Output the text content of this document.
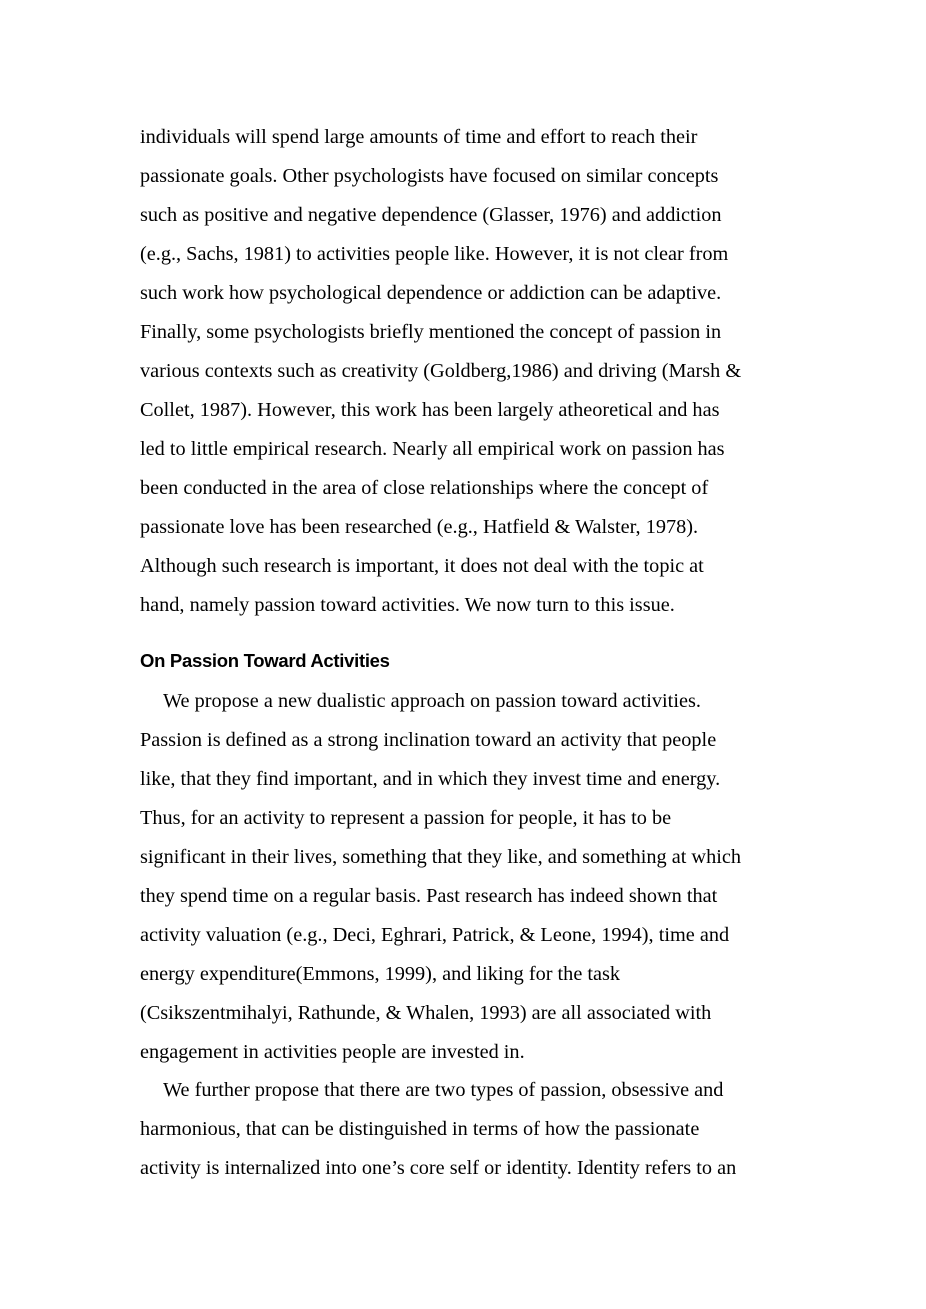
individuals will spend large amounts of time and effort to reach their
passionate goals. Other psychologists have focused on similar concepts
such as positive and negative dependence (Glasser, 1976) and addiction
(e.g., Sachs, 1981) to activities people like. However, it is not clear from
such work how psychological dependence or addiction can be adaptive.
Finally, some psychologists briefly mentioned the concept of passion in
various contexts such as creativity (Goldberg,1986) and driving (Marsh &
Collet, 1987). However, this work has been largely atheoretical and has
led to little empirical research. Nearly all empirical work on passion has
been conducted in the area of close relationships where the concept of
passionate love has been researched (e.g., Hatfield & Walster, 1978).
Although such research is important, it does not deal with the topic at
hand, namely passion toward activities. We now turn to this issue.
On Passion Toward Activities
We propose a new dualistic approach on passion toward activities.
Passion is defined as a strong inclination toward an activity that people
like, that they find important, and in which they invest time and energy.
Thus, for an activity to represent a passion for people, it has to be
significant in their lives, something that they like, and something at which
they spend time on a regular basis. Past research has indeed shown that
activity valuation (e.g., Deci, Eghrari, Patrick, & Leone, 1994), time and
energy expenditure(Emmons, 1999), and liking for the task
(Csikszentmihalyi, Rathunde, & Whalen, 1993) are all associated with
engagement in activities people are invested in.
We further propose that there are two types of passion, obsessive and
harmonious, that can be distinguished in terms of how the passionate
activity is internalized into one’s core self or identity. Identity refers to an
